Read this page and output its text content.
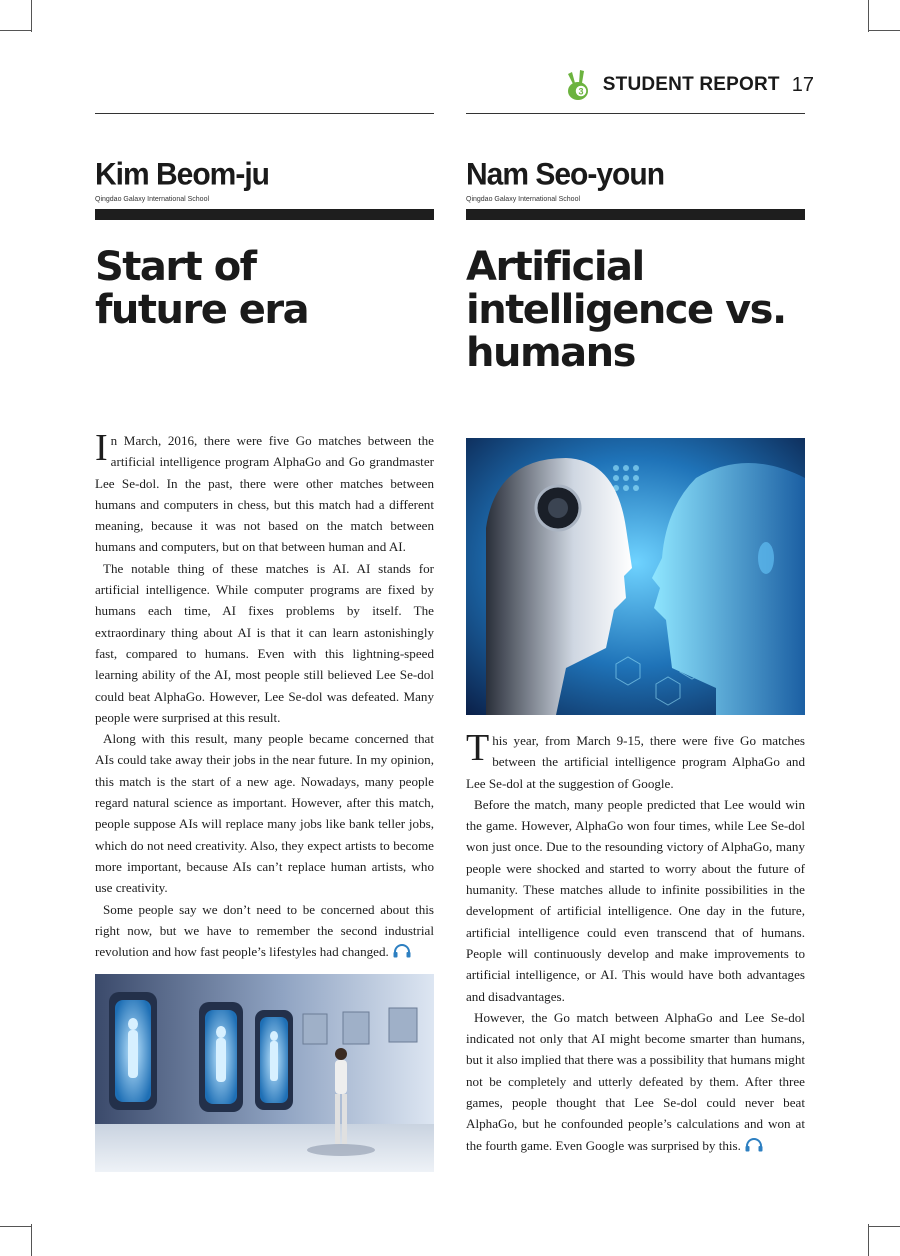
3 STUDENT REPORT 17
Kim Beom-ju
Qingdao Galaxy International School
Start of future era

In March, 2016, there were five Go matches between the artificial intelligence program AlphaGo and Go grandmaster Lee Se-dol. In the past, there were other matches between humans and computers in chess, but this match had a different meaning, because it was not based on the match between humans and computers, but on that between human and AI.

The notable thing of these matches is AI. AI stands for artificial intelligence. While computer programs are fixed by humans each time, AI fixes problems by itself. The extraordinary thing about AI is that it can learn astonishingly fast, compared to humans. Even with this lightning-speed learning ability of the AI, most people still believed Lee Se-dol could beat AlphaGo. However, Lee Se-dol was defeated. Many people were surprised at this result.

Along with this result, many people became concerned that AIs could take away their jobs in the near future. In my opinion, this match is the start of a new age. Nowadays, many people regard natural science as important. However, after this match, people suppose AIs will replace many jobs like bank teller jobs, which do not need creativity. Also, they expect artists to become more important, because AIs can’t replace human artists, who use creativity.

Some people say we don’t need to be concerned about this right now, but we have to remember the second industrial revolution and how fast people’s lifestyles had changed.

Nam Seo-youn
Qingdao Galaxy International School
Artificial intelligence vs. humans

This year, from March 9-15, there were five Go matches between the artificial intelligence program AlphaGo and Lee Se-dol at the suggestion of Google.

Before the match, many people predicted that Lee would win the game. However, AlphaGo won four times, while Lee Se-dol won just once. Due to the resounding victory of AlphaGo, many people were shocked and started to worry about the future of humanity. These matches allude to infinite possibilities in the development of artificial intelligence. One day in the future, artificial intelligence could even transcend that of humans. People will continuously develop and make improvements to artificial intelligence, or AI. This would have both advantages and disadvantages.

However, the Go match between AlphaGo and Lee Se-dol indicated not only that AI might become smarter than humans, but it also implied that there was a possibility that humans might not be completely and utterly defeated by them. After three games, people thought that Lee Se-dol could never beat AlphaGo, but he confounded people’s calculations and won at the fourth game. Even Google was surprised by this.
